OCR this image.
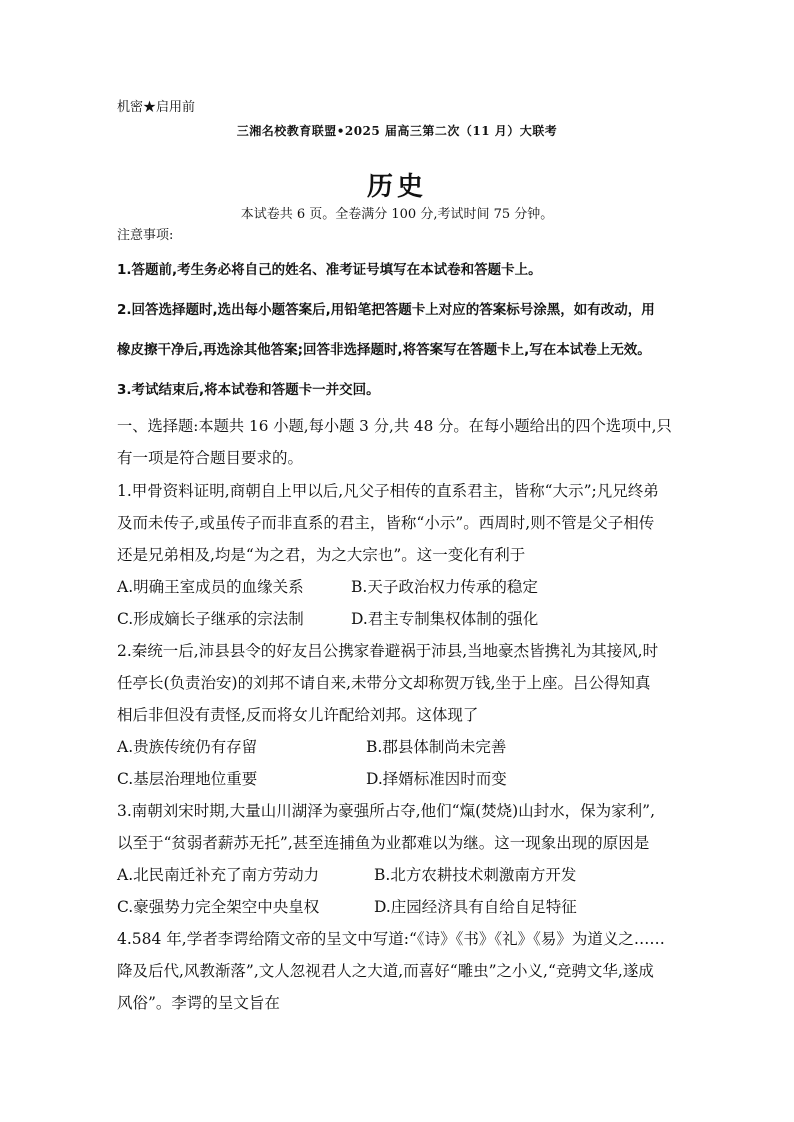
机密★启用前
三湘名校教育联盟•2025 届高三第二次（11 月）大联考
历史
本试卷共 6 页。全卷满分 100 分,考试时间 75 分钟。
注意事项:
1.答题前,考生务必将自己的姓名、准考证号填写在本试卷和答题卡上。
2.回答选择题时,选出每小题答案后,用铅笔把答题卡上对应的答案标号涂黑，如有改动，用
橡皮擦干净后,再选涂其他答案;回答非选择题时,将答案写在答题卡上,写在本试卷上无效。
3.考试结束后,将本试卷和答题卡一并交回。
一、选择题:本题共 16 小题,每小题 3 分,共 48 分。在每小题给出的四个选项中,只
有一项是符合题目要求的。
1.甲骨资料证明,商朝自上甲以后,凡父子相传的直系君主，皆称“大示”;凡兄终弟
及而未传子,或虽传子而非直系的君主，皆称“小示”。西周时,则不管是父子相传
还是兄弟相及,均是“为之君，为之大宗也”。这一变化有利于
A.明确王室成员的血缘关系	B.天子政治权力传承的稳定
C.形成嫡长子继承的宗法制	D.君主专制集权体制的强化
2.秦统一后,沛县县令的好友吕公携家眷避祸于沛县,当地豪杰皆携礼为其接风,时
任亭长(负责治安)的刘邦不请自来,未带分文却称贺万钱,坐于上座。吕公得知真
相后非但没有责怪,反而将女儿许配给刘邦。这体现了
A.贵族传统仍有存留	B.郡县体制尚未完善
C.基层治理地位重要	D.择婿标准因时而变
3.南朝刘宋时期,大量山川湖泽为豪强所占夺,他们“熂(焚烧)山封水，保为家利”,
以至于“贫弱者薪苏无托”,甚至连捕鱼为业都难以为继。这一现象出现的原因是
A.北民南迁补充了南方劳动力	B.北方农耕技术刺激南方开发
C.豪强势力完全架空中央皇权	D.庄园经济具有自给自足特征
4.584 年,学者李谔给隋文帝的呈文中写道:“《诗》《书》《礼》《易》为道义之……
降及后代,风教渐落”,文人忽视君人之大道,而喜好“雕虫”之小义,“竞骋文华,遂成
风俗”。李谔的呈文旨在
